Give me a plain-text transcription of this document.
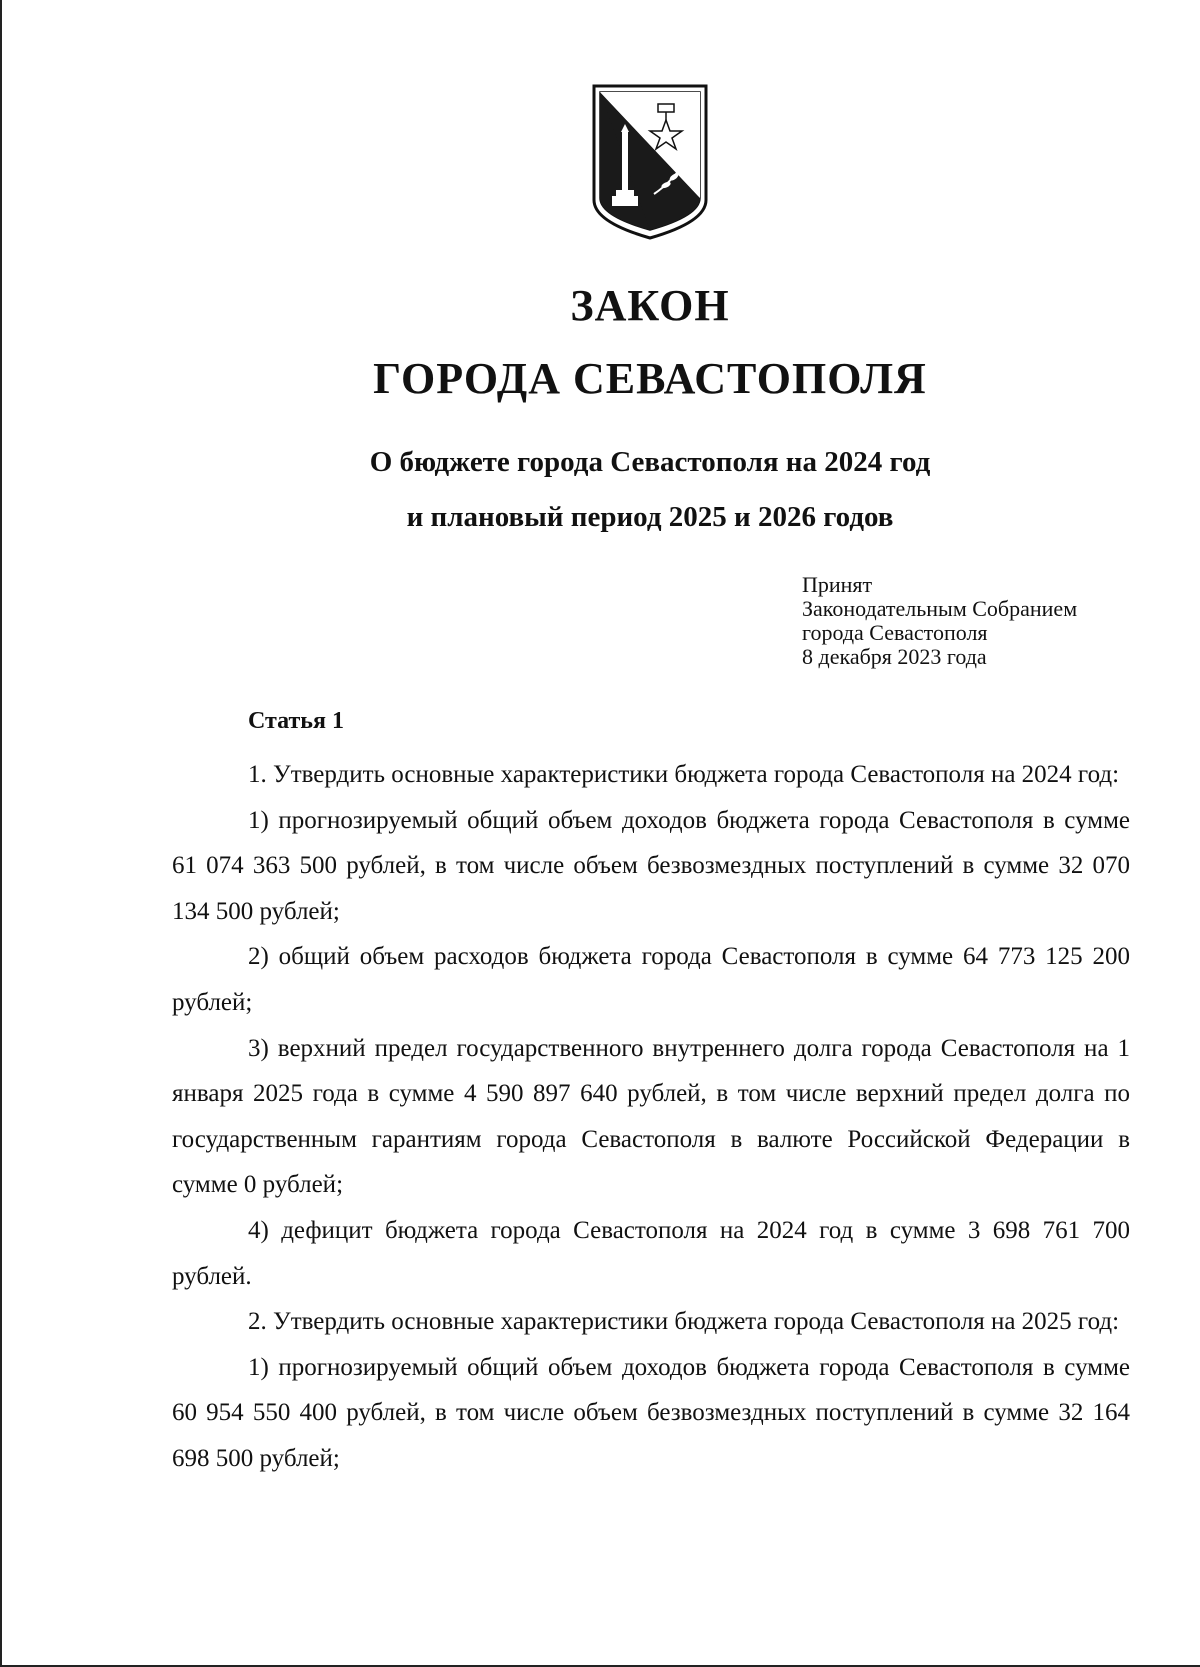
ЗАКОН
ГОРОДА СЕВАСТОПОЛЯ
О бюджете города Севастополя на 2024 год
и плановый период 2025 и 2026 годов
Принят
Законодательным Собранием
города Севастополя
8 декабря 2023 года
Статья 1
1. Утвердить основные характеристики бюджета города Севастополя на 2024 год:
1) прогнозируемый общий объем доходов бюджета города Севастополя в сумме 61 074 363 500 рублей, в том числе объем безвозмездных поступлений в сумме 32 070 134 500 рублей;
2) общий объем расходов бюджета города Севастополя в сумме 64 773 125 200 рублей;
3) верхний предел государственного внутреннего долга города Севастополя на 1 января 2025 года в сумме 4 590 897 640 рублей, в том числе верхний предел долга по государственным гарантиям города Севастополя в валюте Российской Федерации в сумме 0 рублей;
4) дефицит бюджета города Севастополя на 2024 год в сумме 3 698 761 700 рублей.
2. Утвердить основные характеристики бюджета города Севастополя на 2025 год:
1) прогнозируемый общий объем доходов бюджета города Севастополя в сумме 60 954 550 400 рублей, в том числе объем безвозмездных поступлений в сумме 32 164 698 500 рублей;
